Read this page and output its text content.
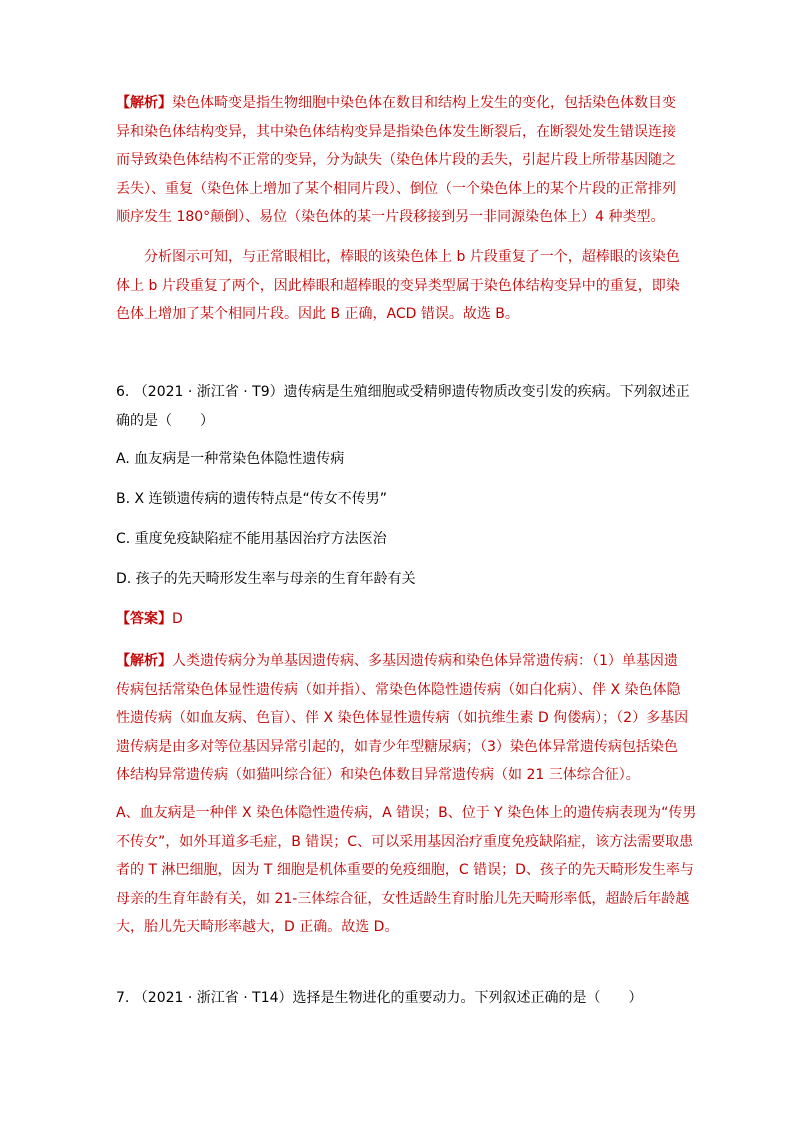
【解析】染色体畸变是指生物细胞中染色体在数目和结构上发生的变化，包括染色体数目变
异和染色体结构变异，其中染色体结构变异是指染色体发生断裂后，在断裂处发生错误连接
而导致染色体结构不正常的变异，分为缺失（染色体片段的丢失，引起片段上所带基因随之
丢失）、重复（染色体上增加了某个相同片段）、倒位（一个染色体上的某个片段的正常排列
顺序发生 180°颠倒）、易位（染色体的某一片段移接到另一非同源染色体上）4 种类型。
分析图示可知，与正常眼相比，棒眼的该染色体上 b 片段重复了一个，超棒眼的该染色
体上 b 片段重复了两个，因此棒眼和超棒眼的变异类型属于染色体结构变异中的重复，即染
色体上增加了某个相同片段。因此 B 正确，ACD 错误。故选 B。
6. （2021 · 浙江省 · T9）遗传病是生殖细胞或受精卵遗传物质改变引发的疾病。下列叙述正
确的是（　　）
A. 血友病是一种常染色体隐性遗传病
B. X 连锁遗传病的遗传特点是“传女不传男”
C. 重度免疫缺陷症不能用基因治疗方法医治
D. 孩子的先天畸形发生率与母亲的生育年龄有关
【答案】D
【解析】人类遗传病分为单基因遗传病、多基因遗传病和染色体异常遗传病：（1）单基因遗
传病包括常染色体显性遗传病（如并指）、常染色体隐性遗传病（如白化病）、伴 X 染色体隐
性遗传病（如血友病、色盲）、伴 X 染色体显性遗传病（如抗维生素 D 佝偻病）；（2）多基因
遗传病是由多对等位基因异常引起的，如青少年型糖尿病；（3）染色体异常遗传病包括染色
体结构异常遗传病（如猫叫综合征）和染色体数目异常遗传病（如 21 三体综合征）。
A、血友病是一种伴 X 染色体隐性遗传病，A 错误；B、位于 Y 染色体上的遗传病表现为“传男
不传女”，如外耳道多毛症，B 错误；C、可以采用基因治疗重度免疫缺陷症，该方法需要取患
者的 T 淋巴细胞，因为 T 细胞是机体重要的免疫细胞，C 错误；D、孩子的先天畸形发生率与
母亲的生育年龄有关，如 21-三体综合征，女性适龄生育时胎儿先天畸形率低，超龄后年龄越
大，胎儿先天畸形率越大，D 正确。故选 D。
7. （2021 · 浙江省 · T14）选择是生物进化的重要动力。下列叙述正确的是（　　）
